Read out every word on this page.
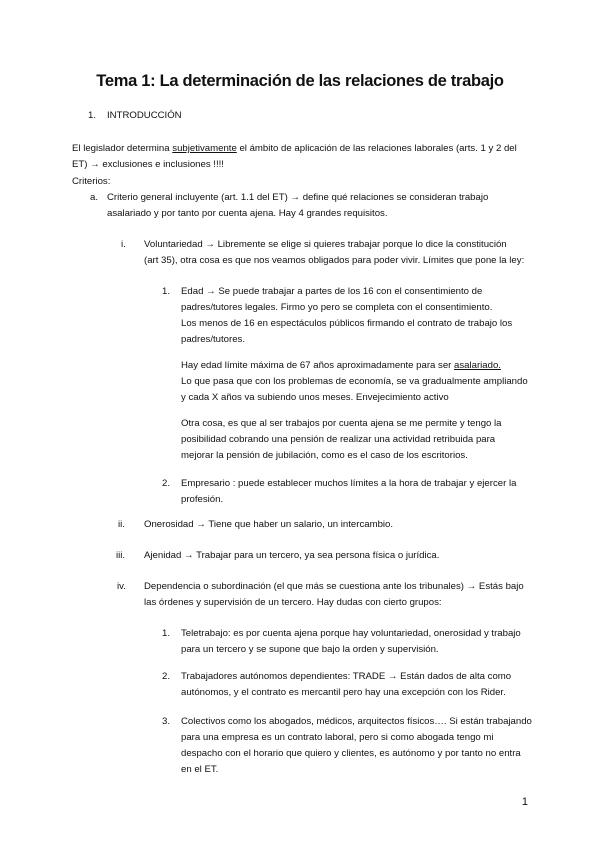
Tema 1: La determinación de las relaciones de trabajo
1. INTRODUCCIÓN
El legislador determina subjetivamente el ámbito de aplicación de las relaciones laborales (arts. 1 y 2 del
ET) → exclusiones e inclusiones !!!!
Criterios:
a. Criterio general incluyente (art. 1.1 del ET) → define qué relaciones se consideran trabajo
asalariado y por tanto por cuenta ajena. Hay 4 grandes requisitos.
i. Voluntariedad → Libremente se elige si quieres trabajar porque lo dice la constitución
(art 35), otra cosa es que nos veamos obligados para poder vivir. Límites que pone la ley:
1. Edad → Se puede trabajar a partes de los 16 con el consentimiento de
padres/tutores legales. Firmo yo pero se completa con el consentimiento.
Los menos de 16 en espectáculos públicos firmando el contrato de trabajo los
padres/tutores.
Hay edad límite máxima de 67 años aproximadamente para ser asalariado.
Lo que pasa que con los problemas de economía, se va gradualmente ampliando
y cada X años va subiendo unos meses. Envejecimiento activo
Otra cosa, es que al ser trabajos por cuenta ajena se me permite y tengo la
posibilidad cobrando una pensión de realizar una actividad retribuida para
mejorar la pensión de jubilación, como es el caso de los escritorios.
2. Empresario : puede establecer muchos límites a la hora de trabajar y ejercer la
profesión.
ii. Onerosidad → Tiene que haber un salario, un intercambio.
iii. Ajenidad → Trabajar para un tercero, ya sea persona física o jurídica.
iv. Dependencia o subordinación (el que más se cuestiona ante los tribunales) → Estás bajo
las órdenes y supervisión de un tercero. Hay dudas con cierto grupos:
1. Teletrabajo: es por cuenta ajena porque hay voluntariedad, onerosidad y trabajo
para un tercero y se supone que bajo la orden y supervisión.
2. Trabajadores autónomos dependientes: TRADE → Están dados de alta como
autónomos, y el contrato es mercantil pero hay una excepción con los Rider.
3. Colectivos como los abogados, médicos, arquitectos físicos…. Si están trabajando
para una empresa es un contrato laboral, pero si como abogada tengo mi
despacho con el horario que quiero y clientes, es autónomo y por tanto no entra
en el ET.
1
